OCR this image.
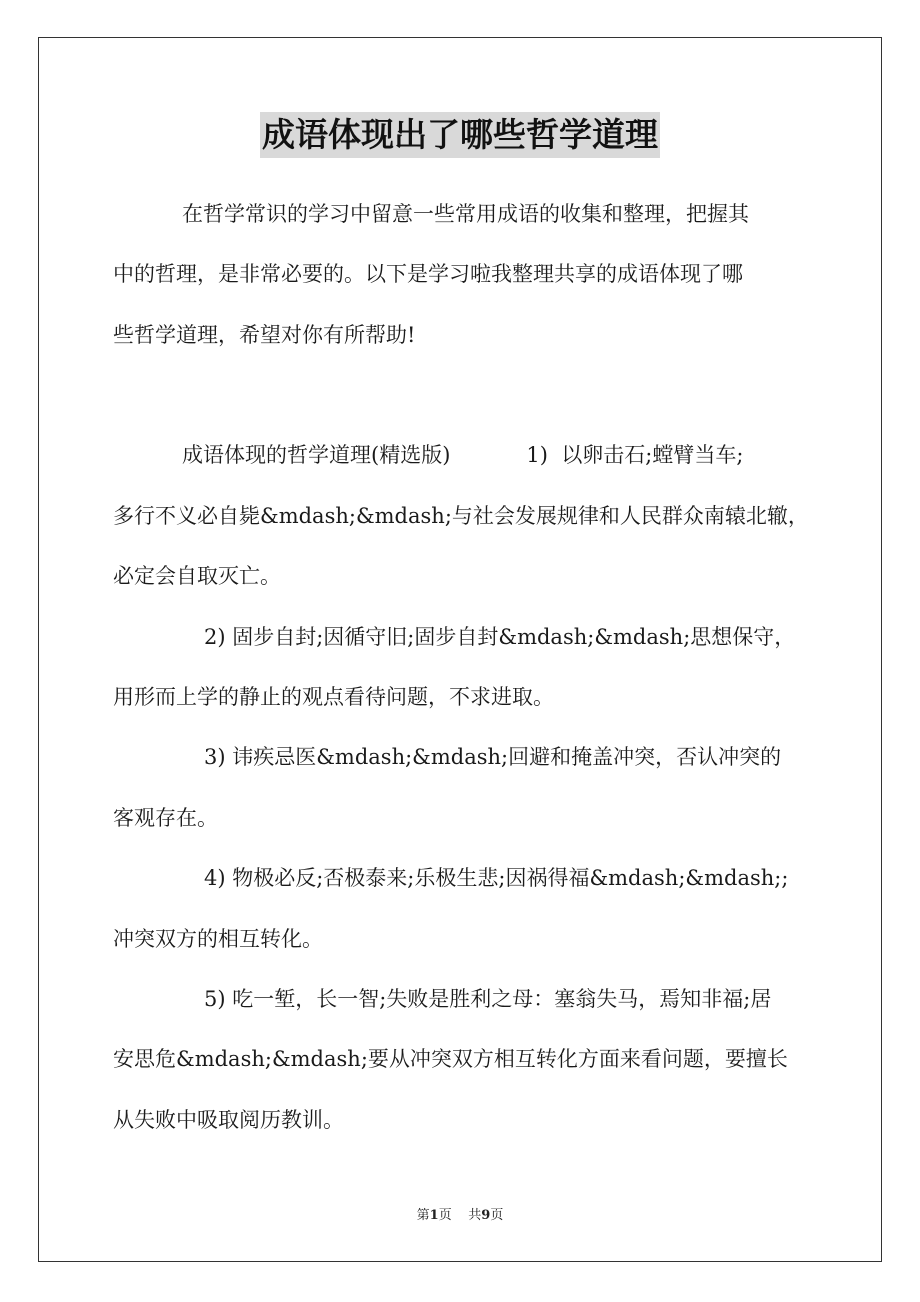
成语体现出了哪些哲学道理

在哲学常识的学习中留意一些常用成语的收集和整理，把握其

中的哲理，是非常必要的。以下是学习啦我整理共享的成语体现了哪

些哲学道理，希望对你有所帮助!

成语体现的哲学道理(精选版)	1) 以卵击石;螳臂当车;

多行不义必自毙&mdash;&mdash;与社会发展规律和人民群众南辕北辙，

必定会自取灭亡。

2) 固步自封;因循守旧;固步自封&mdash;&mdash;思想保守，

用形而上学的静止的观点看待问题，不求进取。

3) 讳疾忌医&mdash;&mdash;回避和掩盖冲突，否认冲突的

客观存在。

4) 物极必反;否极泰来;乐极生悲;因祸得福&mdash;&mdash;;

冲突双方的相互转化。

5) 吃一堑，长一智;失败是胜利之母：塞翁失马，焉知非福;居

安思危&mdash;&mdash;要从冲突双方相互转化方面来看问题，要擅长

从失败中吸取阅历教训。

第1页 共9页
